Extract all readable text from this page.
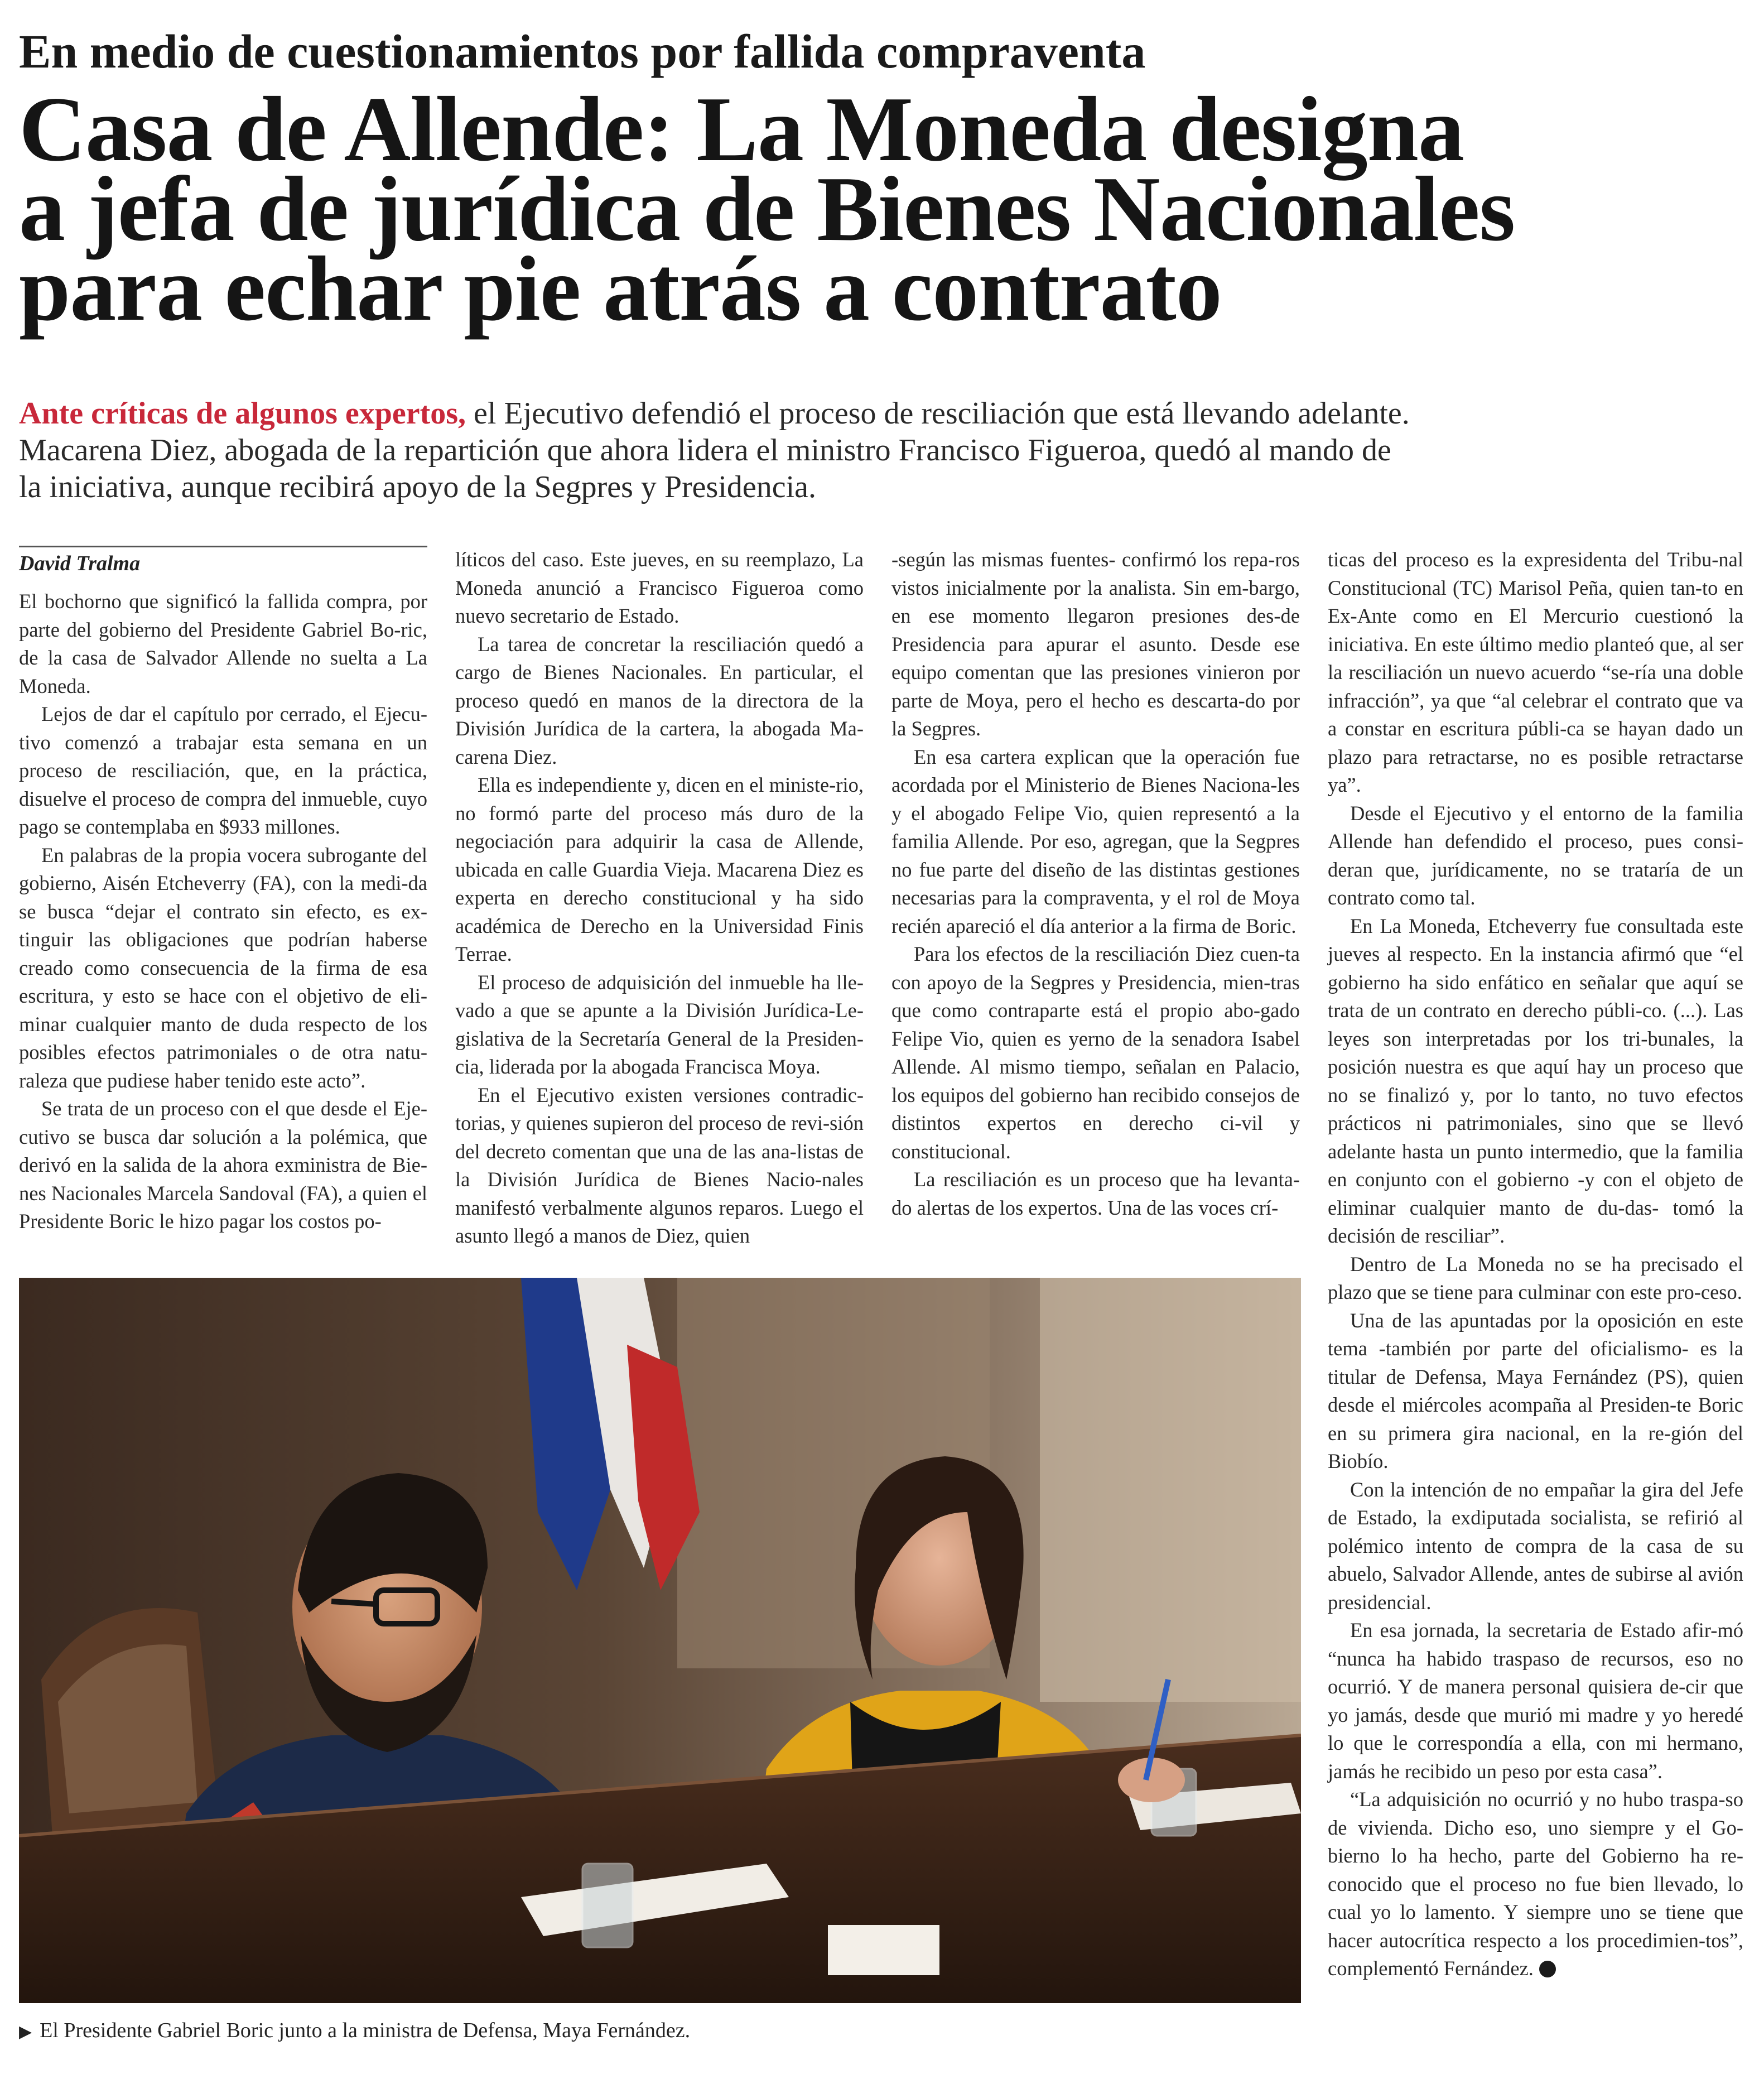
En medio de cuestionamientos por fallida compraventa
Casa de Allende: La Moneda designa
a jefa de jurídica de Bienes Nacionales
para echar pie atrás a contrato
Ante críticas de algunos expertos, el Ejecutivo defendió el proceso de resciliación que está llevando adelante.
Macarena Diez, abogada de la repartición que ahora lidera el ministro Francisco Figueroa, quedó al mando de
la iniciativa, aunque recibirá apoyo de la Segpres y Presidencia.
David Tralma

El bochorno que significó la fallida compra, por parte del gobierno del Presidente Gabriel Bo-ric, de la casa de Salvador Allende no suelta a La Moneda.

Lejos de dar el capítulo por cerrado, el Ejecu-tivo comenzó a trabajar esta semana en un proceso de resciliación, que, en la práctica, disuelve el proceso de compra del inmueble, cuyo pago se contemplaba en $933 millones.

En palabras de la propia vocera subrogante del gobierno, Aisén Etcheverry (FA), con la medi-da se busca “dejar el contrato sin efecto, es ex-tinguir las obligaciones que podrían haberse creado como consecuencia de la firma de esa escritura, y esto se hace con el objetivo de eli-minar cualquier manto de duda respecto de los posibles efectos patrimoniales o de otra natu-raleza que pudiese haber tenido este acto”.

Se trata de un proceso con el que desde el Eje-cutivo se busca dar solución a la polémica, que derivó en la salida de la ahora exministra de Bie-nes Nacionales Marcela Sandoval (FA), a quien el Presidente Boric le hizo pagar los costos po-

líticos del caso. Este jueves, en su reemplazo, La Moneda anunció a Francisco Figueroa como nuevo secretario de Estado.

La tarea de concretar la resciliación quedó a cargo de Bienes Nacionales. En particular, el proceso quedó en manos de la directora de la División Jurídica de la cartera, la abogada Ma-carena Diez.

Ella es independiente y, dicen en el ministe-rio, no formó parte del proceso más duro de la negociación para adquirir la casa de Allende, ubicada en calle Guardia Vieja. Macarena Diez es experta en derecho constitucional y ha sido académica de Derecho en la Universidad Finis Terrae.

El proceso de adquisición del inmueble ha lle-vado a que se apunte a la División Jurídica-Le-gislativa de la Secretaría General de la Presiden-cia, liderada por la abogada Francisca Moya.

En el Ejecutivo existen versiones contradic-torias, y quienes supieron del proceso de revi-sión del decreto comentan que una de las ana-listas de la División Jurídica de Bienes Nacio-nales manifestó verbalmente algunos reparos. Luego el asunto llegó a manos de Diez, quien

-según las mismas fuentes- confirmó los repa-ros vistos inicialmente por la analista. Sin em-bargo, en ese momento llegaron presiones des-de Presidencia para apurar el asunto. Desde ese equipo comentan que las presiones vinieron por parte de Moya, pero el hecho es descarta-do por la Segpres.

En esa cartera explican que la operación fue acordada por el Ministerio de Bienes Naciona-les y el abogado Felipe Vio, quien representó a la familia Allende. Por eso, agregan, que la Segpres no fue parte del diseño de las distintas gestiones necesarias para la compraventa, y el rol de Moya recién apareció el día anterior a la firma de Boric.

Para los efectos de la resciliación Diez cuen-ta con apoyo de la Segpres y Presidencia, mien-tras que como contraparte está el propio abo-gado Felipe Vio, quien es yerno de la senadora Isabel Allende. Al mismo tiempo, señalan en Palacio, los equipos del gobierno han recibido consejos de distintos expertos en derecho ci-vil y constitucional.

La resciliación es un proceso que ha levanta-do alertas de los expertos. Una de las voces crí-

ticas del proceso es la expresidenta del Tribu-nal Constitucional (TC) Marisol Peña, quien tan-to en Ex-Ante como en El Mercurio cuestionó la iniciativa. En este último medio planteó que, al ser la resciliación un nuevo acuerdo “se-ría una doble infracción”, ya que “al celebrar el contrato que va a constar en escritura públi-ca se hayan dado un plazo para retractarse, no es posible retractarse ya”.

Desde el Ejecutivo y el entorno de la familia Allende han defendido el proceso, pues consi-deran que, jurídicamente, no se trataría de un contrato como tal.

En La Moneda, Etcheverry fue consultada este jueves al respecto. En la instancia afirmó que “el gobierno ha sido enfático en señalar que aquí se trata de un contrato en derecho públi-co. (...). Las leyes son interpretadas por los tri-bunales, la posición nuestra es que aquí hay un proceso que no se finalizó y, por lo tanto, no tuvo efectos prácticos ni patrimoniales, sino que se llevó adelante hasta un punto intermedio, que la familia en conjunto con el gobierno -y con el objeto de eliminar cualquier manto de du-das- tomó la decisión de resciliar”.

Dentro de La Moneda no se ha precisado el plazo que se tiene para culminar con este pro-ceso.

Una de las apuntadas por la oposición en este tema -también por parte del oficialismo- es la titular de Defensa, Maya Fernández (PS), quien desde el miércoles acompaña al Presiden-te Boric en su primera gira nacional, en la re-gión del Biobío.

Con la intención de no empañar la gira del Jefe de Estado, la exdiputada socialista, se refirió al polémico intento de compra de la casa de su abuelo, Salvador Allende, antes de subirse al avión presidencial.

En esa jornada, la secretaria de Estado afir-mó “nunca ha habido traspaso de recursos, eso no ocurrió. Y de manera personal quisiera de-cir que yo jamás, desde que murió mi madre y yo heredé lo que le correspondía a ella, con mi hermano, jamás he recibido un peso por esta casa”.

“La adquisición no ocurrió y no hubo traspa-so de vivienda. Dicho eso, uno siempre y el Go-bierno lo ha hecho, parte del Gobierno ha re-conocido que el proceso no fue bien llevado, lo cual yo lo lamento. Y siempre uno se tiene que hacer autocrítica respecto a los procedimien-tos”, complementó Fernández.

▶ El Presidente Gabriel Boric junto a la ministra de Defensa, Maya Fernández.
